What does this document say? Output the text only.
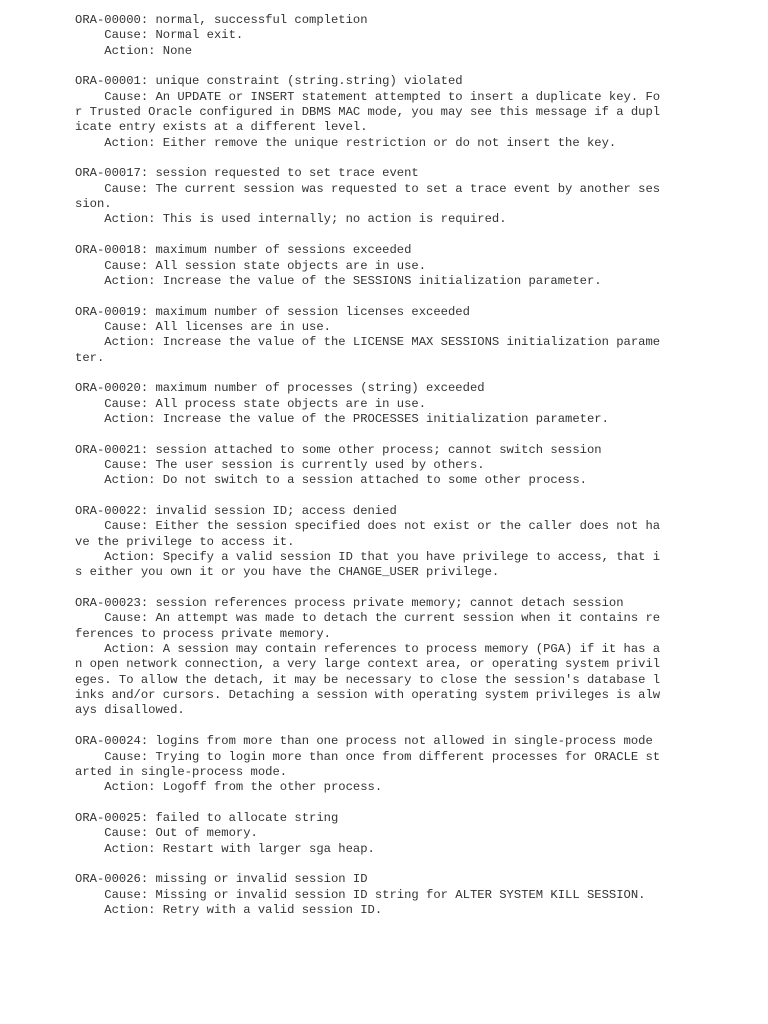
ORA-00000: normal, successful completion
Cause: Normal exit.
Action: None
ORA-00001: unique constraint (string.string) violated
Cause: An UPDATE or INSERT statement attempted to insert a duplicate key. Fo
r Trusted Oracle configured in DBMS MAC mode, you may see this message if a dupl
icate entry exists at a different level.
Action: Either remove the unique restriction or do not insert the key.
ORA-00017: session requested to set trace event
Cause: The current session was requested to set a trace event by another ses
sion.
Action: This is used internally; no action is required.
ORA-00018: maximum number of sessions exceeded
Cause: All session state objects are in use.
Action: Increase the value of the SESSIONS initialization parameter.
ORA-00019: maximum number of session licenses exceeded
Cause: All licenses are in use.
Action: Increase the value of the LICENSE MAX SESSIONS initialization parame
ter.
ORA-00020: maximum number of processes (string) exceeded
Cause: All process state objects are in use.
Action: Increase the value of the PROCESSES initialization parameter.
ORA-00021: session attached to some other process; cannot switch session
Cause: The user session is currently used by others.
Action: Do not switch to a session attached to some other process.
ORA-00022: invalid session ID; access denied
Cause: Either the session specified does not exist or the caller does not ha
ve the privilege to access it.
Action: Specify a valid session ID that you have privilege to access, that i
s either you own it or you have the CHANGE_USER privilege.
ORA-00023: session references process private memory; cannot detach session
Cause: An attempt was made to detach the current session when it contains re
ferences to process private memory.
Action: A session may contain references to process memory (PGA) if it has a
n open network connection, a very large context area, or operating system privil
eges. To allow the detach, it may be necessary to close the session's database l
inks and/or cursors. Detaching a session with operating system privileges is alw
ays disallowed.
ORA-00024: logins from more than one process not allowed in single-process mode
Cause: Trying to login more than once from different processes for ORACLE st
arted in single-process mode.
Action: Logoff from the other process.
ORA-00025: failed to allocate string
Cause: Out of memory.
Action: Restart with larger sga heap.
ORA-00026: missing or invalid session ID
Cause: Missing or invalid session ID string for ALTER SYSTEM KILL SESSION.
Action: Retry with a valid session ID.
